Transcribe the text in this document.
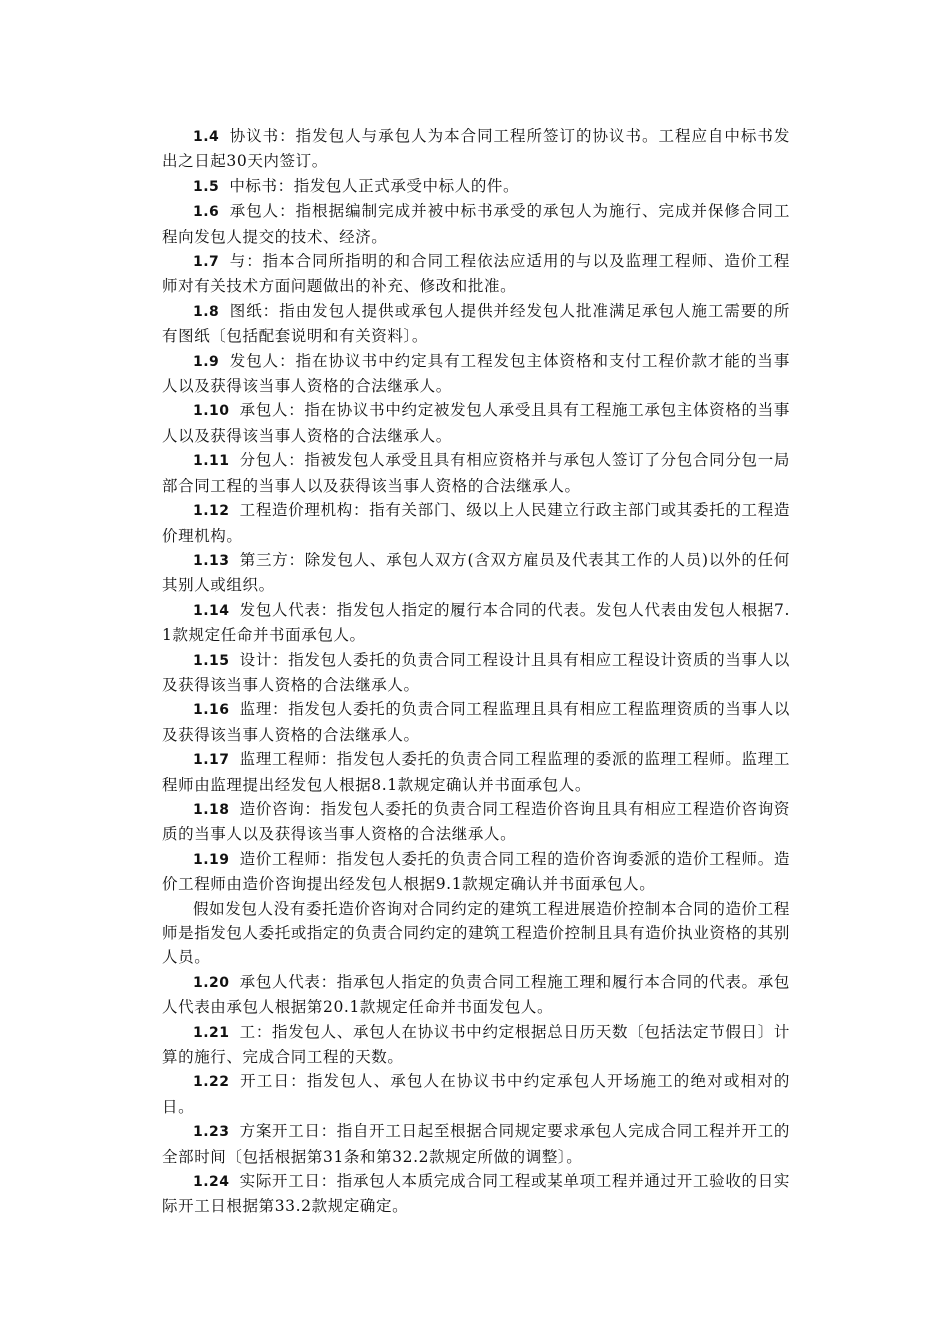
1.4 协议书：指发包人与承包人为本合同工程所签订的协议书。工程应自中标书发出之日起30天内签订。

1.5 中标书：指发包人正式承受中标人的件。

1.6 承包人：指根据编制完成并被中标书承受的承包人为施行、完成并保修合同工程向发包人提交的技术、经济。

1.7 与：指本合同所指明的和合同工程依法应适用的与以及监理工程师、造价工程师对有关技术方面问题做出的补充、修改和批准。

1.8 图纸：指由发包人提供或承包人提供并经发包人批准满足承包人施工需要的所有图纸〔包括配套说明和有关资料〕。

1.9 发包人：指在协议书中约定具有工程发包主体资格和支付工程价款才能的当事人以及获得该当事人资格的合法继承人。

1.10 承包人：指在协议书中约定被发包人承受且具有工程施工承包主体资格的当事人以及获得该当事人资格的合法继承人。

1.11 分包人：指被发包人承受且具有相应资格并与承包人签订了分包合同分包一局部合同工程的当事人以及获得该当事人资格的合法继承人。

1.12 工程造价理机构：指有关部门、级以上人民建立行政主部门或其委托的工程造价理机构。

1.13 第三方：除发包人、承包人双方(含双方雇员及代表其工作的人员)以外的任何其别人或组织。

1.14 发包人代表：指发包人指定的履行本合同的代表。发包人代表由发包人根据7.1款规定任命并书面承包人。

1.15 设计：指发包人委托的负责合同工程设计且具有相应工程设计资质的当事人以及获得该当事人资格的合法继承人。

1.16 监理：指发包人委托的负责合同工程监理且具有相应工程监理资质的当事人以及获得该当事人资格的合法继承人。

1.17 监理工程师：指发包人委托的负责合同工程监理的委派的监理工程师。监理工程师由监理提出经发包人根据8.1款规定确认并书面承包人。

1.18 造价咨询：指发包人委托的负责合同工程造价咨询且具有相应工程造价咨询资质的当事人以及获得该当事人资格的合法继承人。

1.19 造价工程师：指发包人委托的负责合同工程的造价咨询委派的造价工程师。造价工程师由造价咨询提出经发包人根据9.1款规定确认并书面承包人。

假如发包人没有委托造价咨询对合同约定的建筑工程进展造价控制本合同的造价工程师是指发包人委托或指定的负责合同约定的建筑工程造价控制且具有造价执业资格的其别人员。

1.20 承包人代表：指承包人指定的负责合同工程施工理和履行本合同的代表。承包人代表由承包人根据第20.1款规定任命并书面发包人。

1.21 工：指发包人、承包人在协议书中约定根据总日历天数〔包括法定节假日〕计算的施行、完成合同工程的天数。

1.22 开工日：指发包人、承包人在协议书中约定承包人开场施工的绝对或相对的日。

1.23 方案开工日：指自开工日起至根据合同规定要求承包人完成合同工程并开工的全部时间〔包括根据第31条和第32.2款规定所做的调整〕。

1.24 实际开工日：指承包人本质完成合同工程或某单项工程并通过开工验收的日实际开工日根据第33.2款规定确定。
